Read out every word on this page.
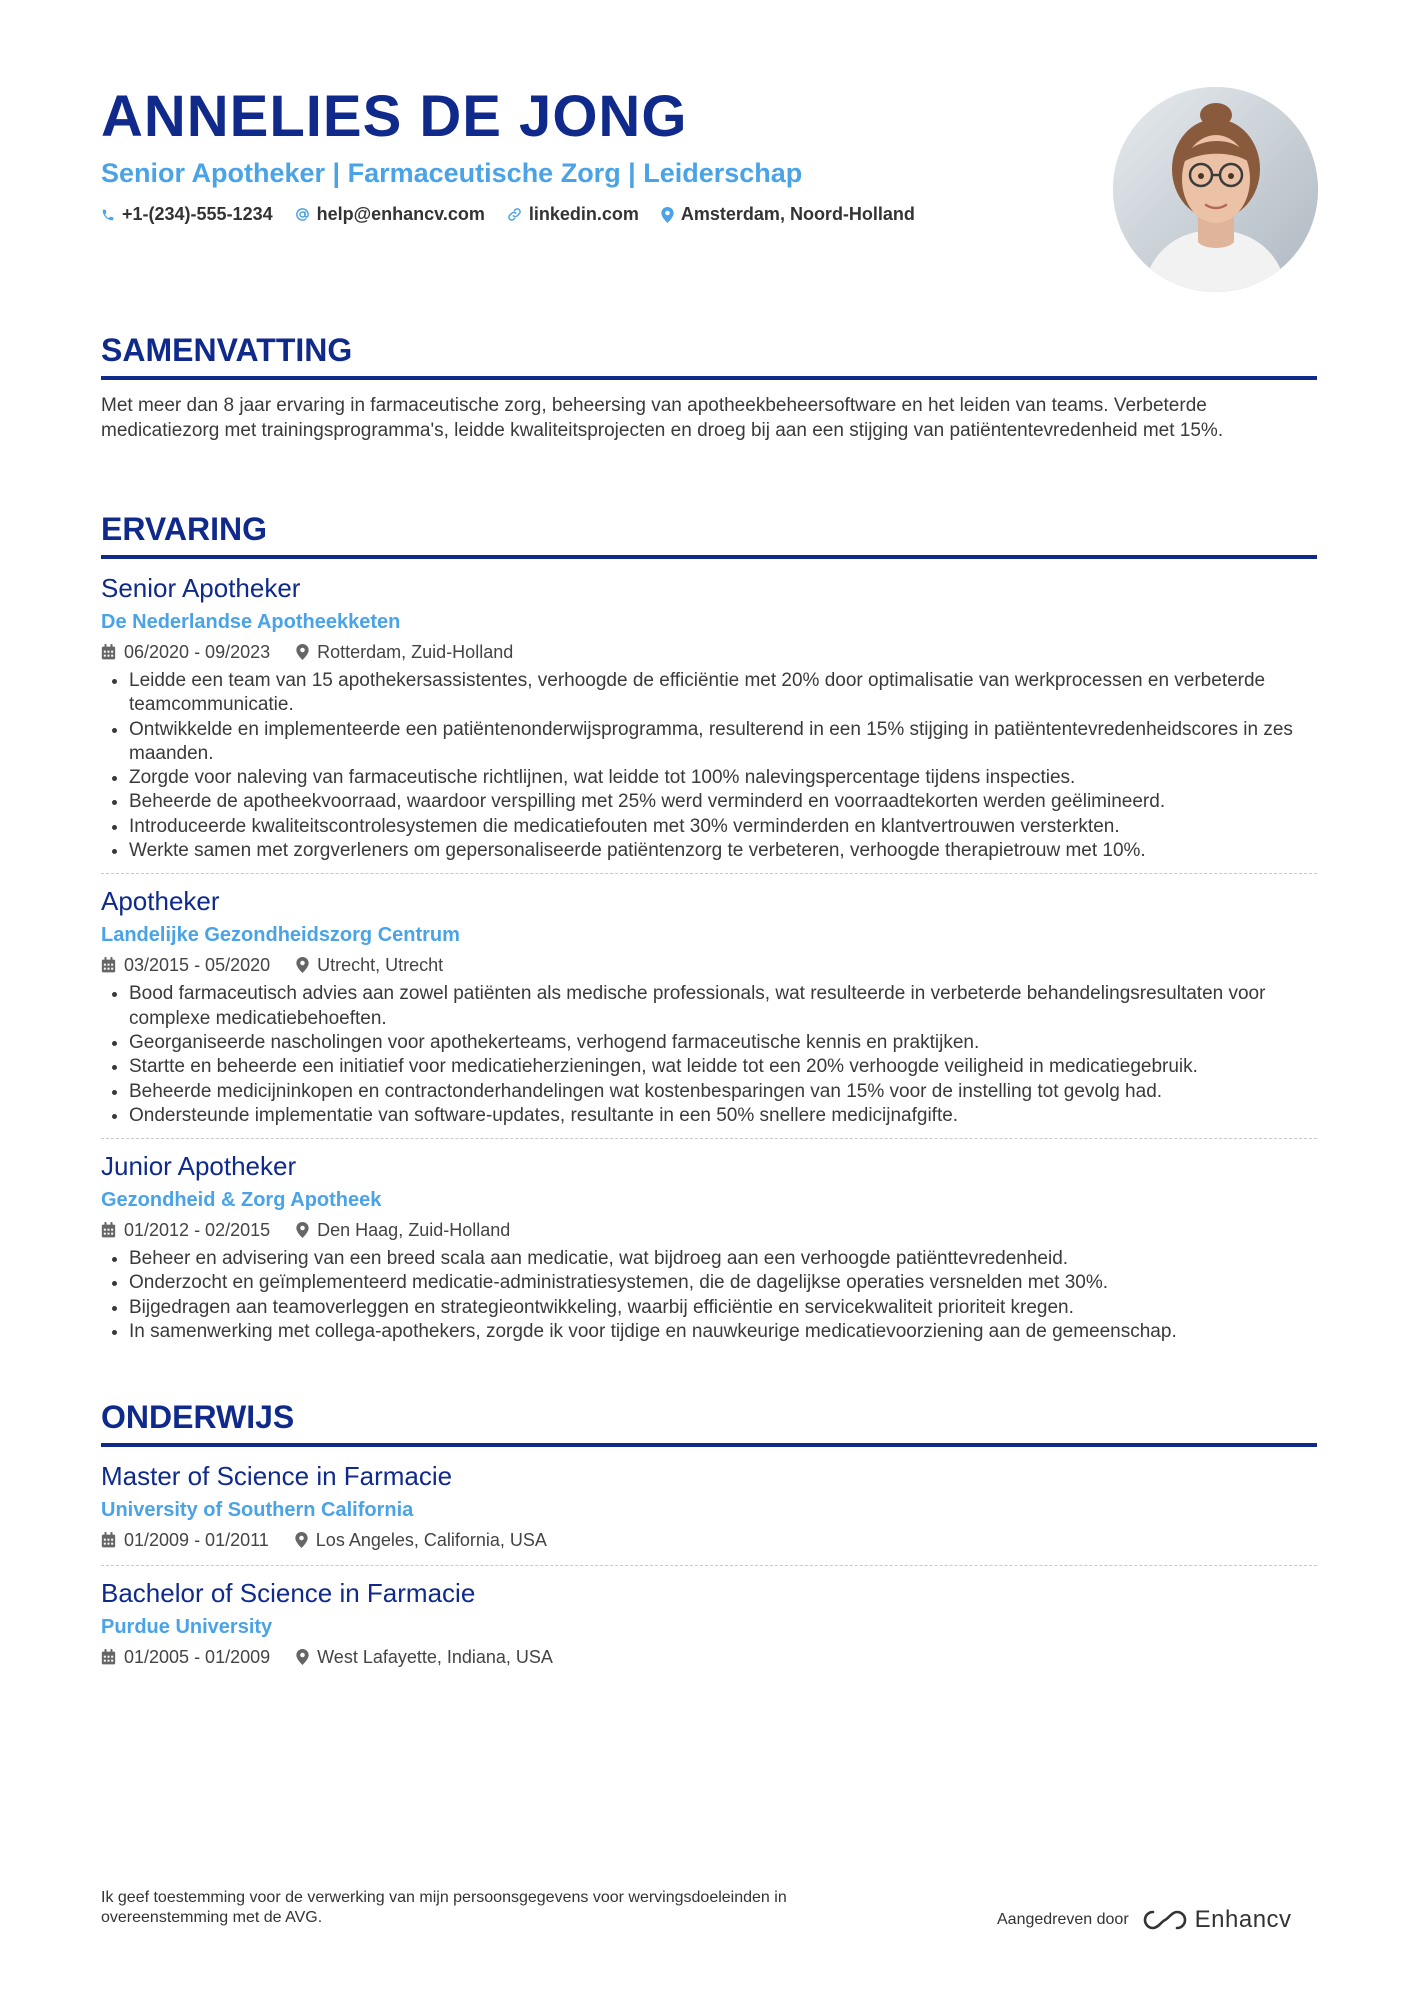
ANNELIES DE JONG
Senior Apotheker | Farmaceutische Zorg | Leiderschap
+1-(234)-555-1234 help@enhancv.com linkedin.com Amsterdam, Noord-Holland
SAMENVATTING
Met meer dan 8 jaar ervaring in farmaceutische zorg, beheersing van apotheekbeheersoftware en het leiden van teams. Verbeterde medicatiezorg met trainingsprogramma's, leidde kwaliteitsprojecten en droeg bij aan een stijging van patiëntentevredenheid met 15%.
ERVARING
Senior Apotheker
De Nederlandse Apotheekketen
06/2020 - 09/2023	Rotterdam, Zuid-Holland
• Leidde een team van 15 apothekersassistentes, verhoogde de efficiëntie met 20% door optimalisatie van werkprocessen en verbeterde teamcommunicatie.
• Ontwikkelde en implementeerde een patiëntenonderwijsprogramma, resulterend in een 15% stijging in patiëntentevredenheidscores in zes maanden.
• Zorgde voor naleving van farmaceutische richtlijnen, wat leidde tot 100% nalevingspercentage tijdens inspecties.
• Beheerde de apotheekvoorraad, waardoor verspilling met 25% werd verminderd en voorraadtekorten werden geëlimineerd.
• Introduceerde kwaliteitscontrolesystemen die medicatiefouten met 30% verminderden en klantvertrouwen versterkten.
• Werkte samen met zorgverleners om gepersonaliseerde patiëntenzorg te verbeteren, verhoogde therapietrouw met 10%.
Apotheker
Landelijke Gezondheidszorg Centrum
03/2015 - 05/2020	Utrecht, Utrecht
• Bood farmaceutisch advies aan zowel patiënten als medische professionals, wat resulteerde in verbeterde behandelingsresultaten voor complexe medicatiebehoeften.
• Georganiseerde nascholingen voor apothekerteams, verhogend farmaceutische kennis en praktijken.
• Startte en beheerde een initiatief voor medicatieherzieningen, wat leidde tot een 20% verhoogde veiligheid in medicatiegebruik.
• Beheerde medicijninkopen en contractonderhandelingen wat kostenbesparingen van 15% voor de instelling tot gevolg had.
• Ondersteunde implementatie van software-updates, resultante in een 50% snellere medicijnafgifte.
Junior Apotheker
Gezondheid & Zorg Apotheek
01/2012 - 02/2015	Den Haag, Zuid-Holland
• Beheer en advisering van een breed scala aan medicatie, wat bijdroeg aan een verhoogde patiënttevredenheid.
• Onderzocht en geïmplementeerd medicatie-administratiesystemen, die de dagelijkse operaties versnelden met 30%.
• Bijgedragen aan teamoverleggen en strategieontwikkeling, waarbij efficiëntie en servicekwaliteit prioriteit kregen.
• In samenwerking met collega-apothekers, zorgde ik voor tijdige en nauwkeurige medicatievoorziening aan de gemeenschap.
ONDERWIJS
Master of Science in Farmacie
University of Southern California
01/2009 - 01/2011	Los Angeles, California, USA
Bachelor of Science in Farmacie
Purdue University
01/2005 - 01/2009	West Lafayette, Indiana, USA
Ik geef toestemming voor de verwerking van mijn persoonsgegevens voor wervingsdoeleinden in overeenstemming met de AVG.	Aangedreven door	Enhancv
